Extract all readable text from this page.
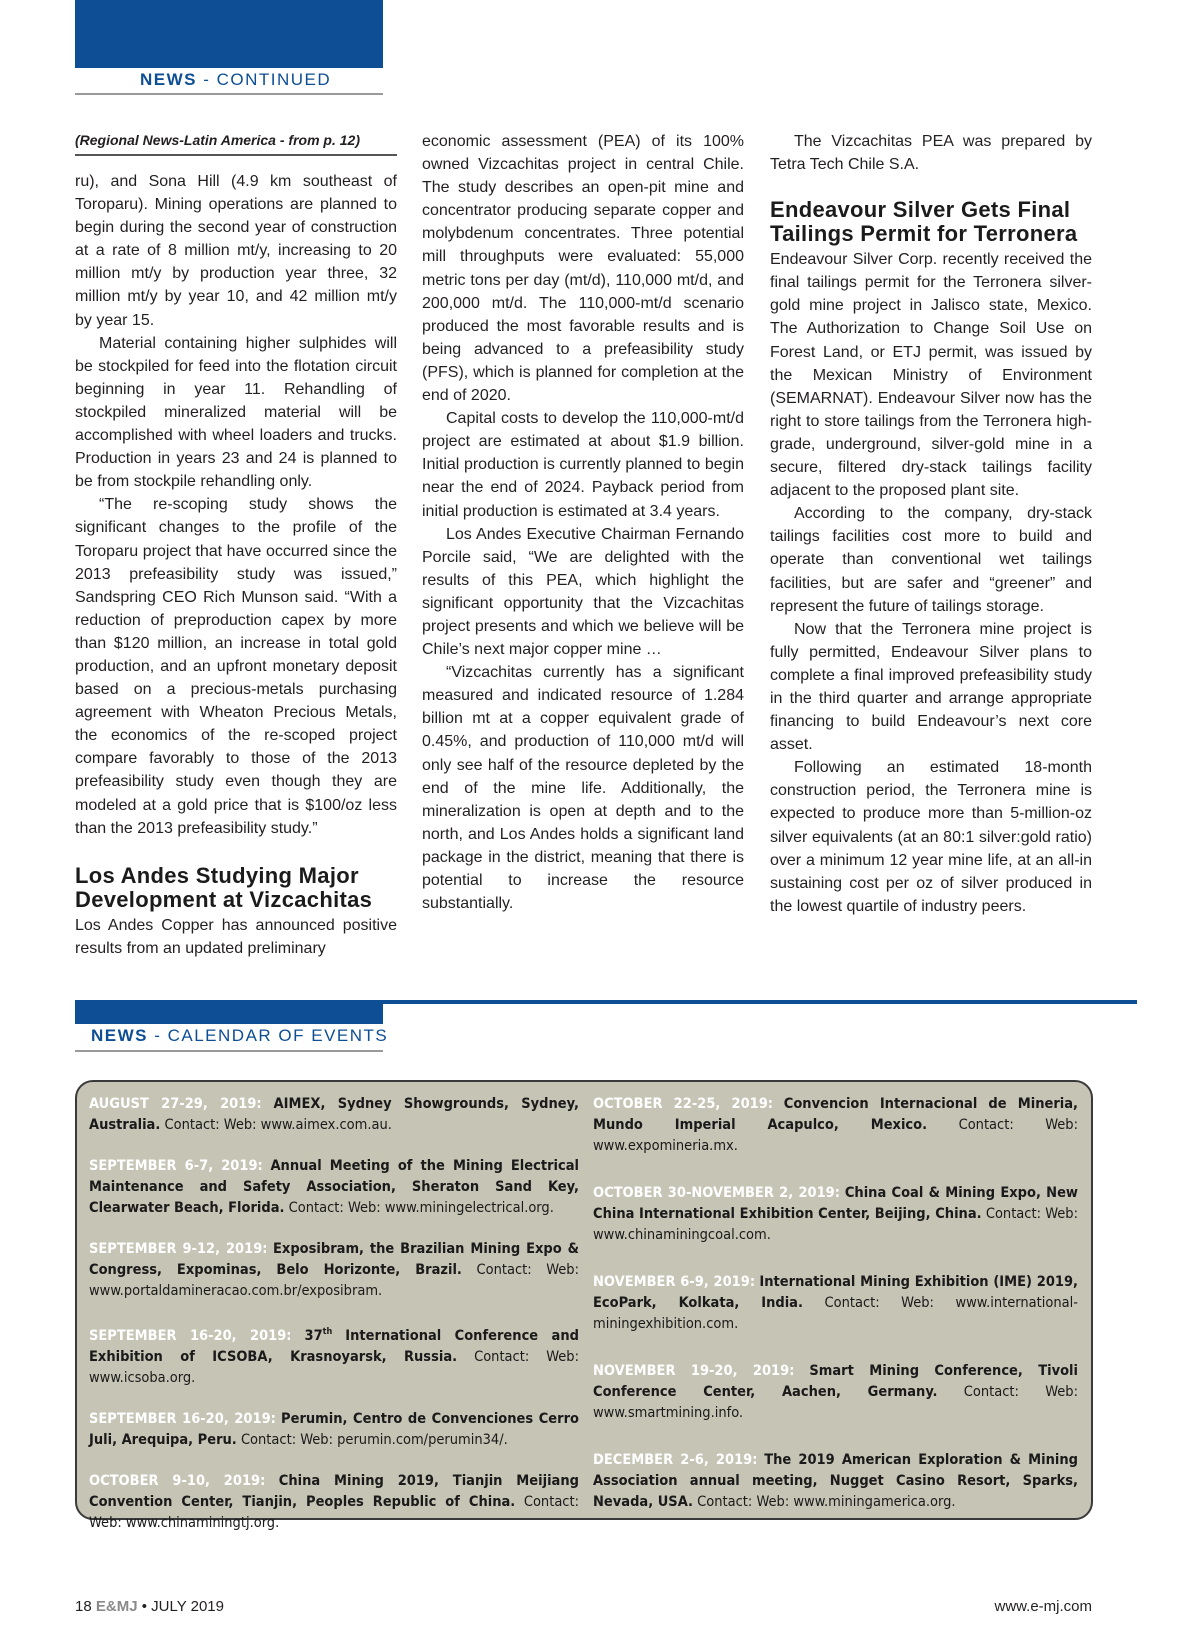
NEWS - CONTINUED

(Regional News-Latin America - from p. 12)

ru), and Sona Hill (4.9 km southeast of Toroparu). Mining operations are planned to begin during the second year of construction at a rate of 8 million mt/y, increasing to 20 million mt/y by production year three, 32 million mt/y by year 10, and 42 million mt/y by year 15.

Material containing higher sulphides will be stockpiled for feed into the flotation circuit beginning in year 11. Rehandling of stockpiled mineralized material will be accomplished with wheel loaders and trucks. Production in years 23 and 24 is planned to be from stockpile rehandling only.

“The re-scoping study shows the significant changes to the profile of the Toroparu project that have occurred since the 2013 prefeasibility study was issued,” Sandspring CEO Rich Munson said. “With a reduction of preproduction capex by more than $120 million, an increase in total gold production, and an upfront monetary deposit based on a precious-metals purchasing agreement with Wheaton Precious Metals, the economics of the re-scoped project compare favorably to those of the 2013 prefeasibility study even though they are modeled at a gold price that is $100/oz less than the 2013 prefeasibility study.”

Los Andes Studying Major Development at Vizcachitas

Los Andes Copper has announced positive results from an updated preliminary

economic assessment (PEA) of its 100% owned Vizcachitas project in central Chile. The study describes an open-pit mine and concentrator producing separate copper and molybdenum concentrates. Three potential mill throughputs were evaluated: 55,000 metric tons per day (mt/d), 110,000 mt/d, and 200,000 mt/d. The 110,000-mt/d scenario produced the most favorable results and is being advanced to a prefeasibility study (PFS), which is planned for completion at the end of 2020.

Capital costs to develop the 110,000-mt/d project are estimated at about $1.9 billion. Initial production is currently planned to begin near the end of 2024. Payback period from initial production is estimated at 3.4 years.

Los Andes Executive Chairman Fernando Porcile said, “We are delighted with the results of this PEA, which highlight the significant opportunity that the Vizcachitas project presents and which we believe will be Chile’s next major copper mine …

“Vizcachitas currently has a significant measured and indicated resource of 1.284 billion mt at a copper equivalent grade of 0.45%, and production of 110,000 mt/d will only see half of the resource depleted by the end of the mine life. Additionally, the mineralization is open at depth and to the north, and Los Andes holds a significant land package in the district, meaning that there is potential to increase the resource substantially.

The Vizcachitas PEA was prepared by Tetra Tech Chile S.A.

Endeavour Silver Gets Final Tailings Permit for Terronera

Endeavour Silver Corp. recently received the final tailings permit for the Terronera silver-gold mine project in Jalisco state, Mexico. The Authorization to Change Soil Use on Forest Land, or ETJ permit, was issued by the Mexican Ministry of Environment (SEMARNAT). Endeavour Silver now has the right to store tailings from the Terronera high-grade, underground, silver-gold mine in a secure, filtered dry-stack tailings facility adjacent to the proposed plant site.

According to the company, dry-stack tailings facilities cost more to build and operate than conventional wet tailings facilities, but are safer and “greener” and represent the future of tailings storage.

Now that the Terronera mine project is fully permitted, Endeavour Silver plans to complete a final improved prefeasibility study in the third quarter and arrange appropriate financing to build Endeavour’s next core asset.

Following an estimated 18-month construction period, the Terronera mine is expected to produce more than 5-million-oz silver equivalents (at an 80:1 silver:gold ratio) over a minimum 12 year mine life, at an all-in sustaining cost per oz of silver produced in the lowest quartile of industry peers.

NEWS - CALENDAR OF EVENTS

AUGUST 27-29, 2019: AIMEX, Sydney Showgrounds, Sydney, Australia. Contact: Web: www.aimex.com.au.

SEPTEMBER 6-7, 2019: Annual Meeting of the Mining Electrical Maintenance and Safety Association, Sheraton Sand Key, Clearwater Beach, Florida. Contact: Web: www.miningelectrical.org.

SEPTEMBER 9-12, 2019: Exposibram, the Brazilian Mining Expo & Congress, Expominas, Belo Horizonte, Brazil. Contact: Web: www.portaldamineracao.com.br/exposibram.

SEPTEMBER 16-20, 2019: 37th International Conference and Exhibition of ICSOBA, Krasnoyarsk, Russia. Contact: Web: www.icsoba.org.

SEPTEMBER 16-20, 2019: Perumin, Centro de Convenciones Cerro Juli, Arequipa, Peru. Contact: Web: perumin.com/perumin34/.

OCTOBER 9-10, 2019: China Mining 2019, Tianjin Meijiang Convention Center, Tianjin, Peoples Republic of China. Contact: Web: www.chinaminingtj.org.

OCTOBER 22-25, 2019: Convencion Internacional de Mineria, Mundo Imperial Acapulco, Mexico. Contact: Web: www.expomineria.mx.

OCTOBER 30-NOVEMBER 2, 2019: China Coal & Mining Expo, New China International Exhibition Center, Beijing, China. Contact: Web: www.chinaminingcoal.com.

NOVEMBER 6-9, 2019: International Mining Exhibition (IME) 2019, EcoPark, Kolkata, India. Contact: Web: www.international-miningexhibition.com.

NOVEMBER 19-20, 2019: Smart Mining Conference, Tivoli Conference Center, Aachen, Germany. Contact: Web: www.smartmining.info.

DECEMBER 2-6, 2019: The 2019 American Exploration & Mining Association annual meeting, Nugget Casino Resort, Sparks, Nevada, USA. Contact: Web: www.miningamerica.org.

18 E&MJ • JULY 2019	www.e-mj.com
